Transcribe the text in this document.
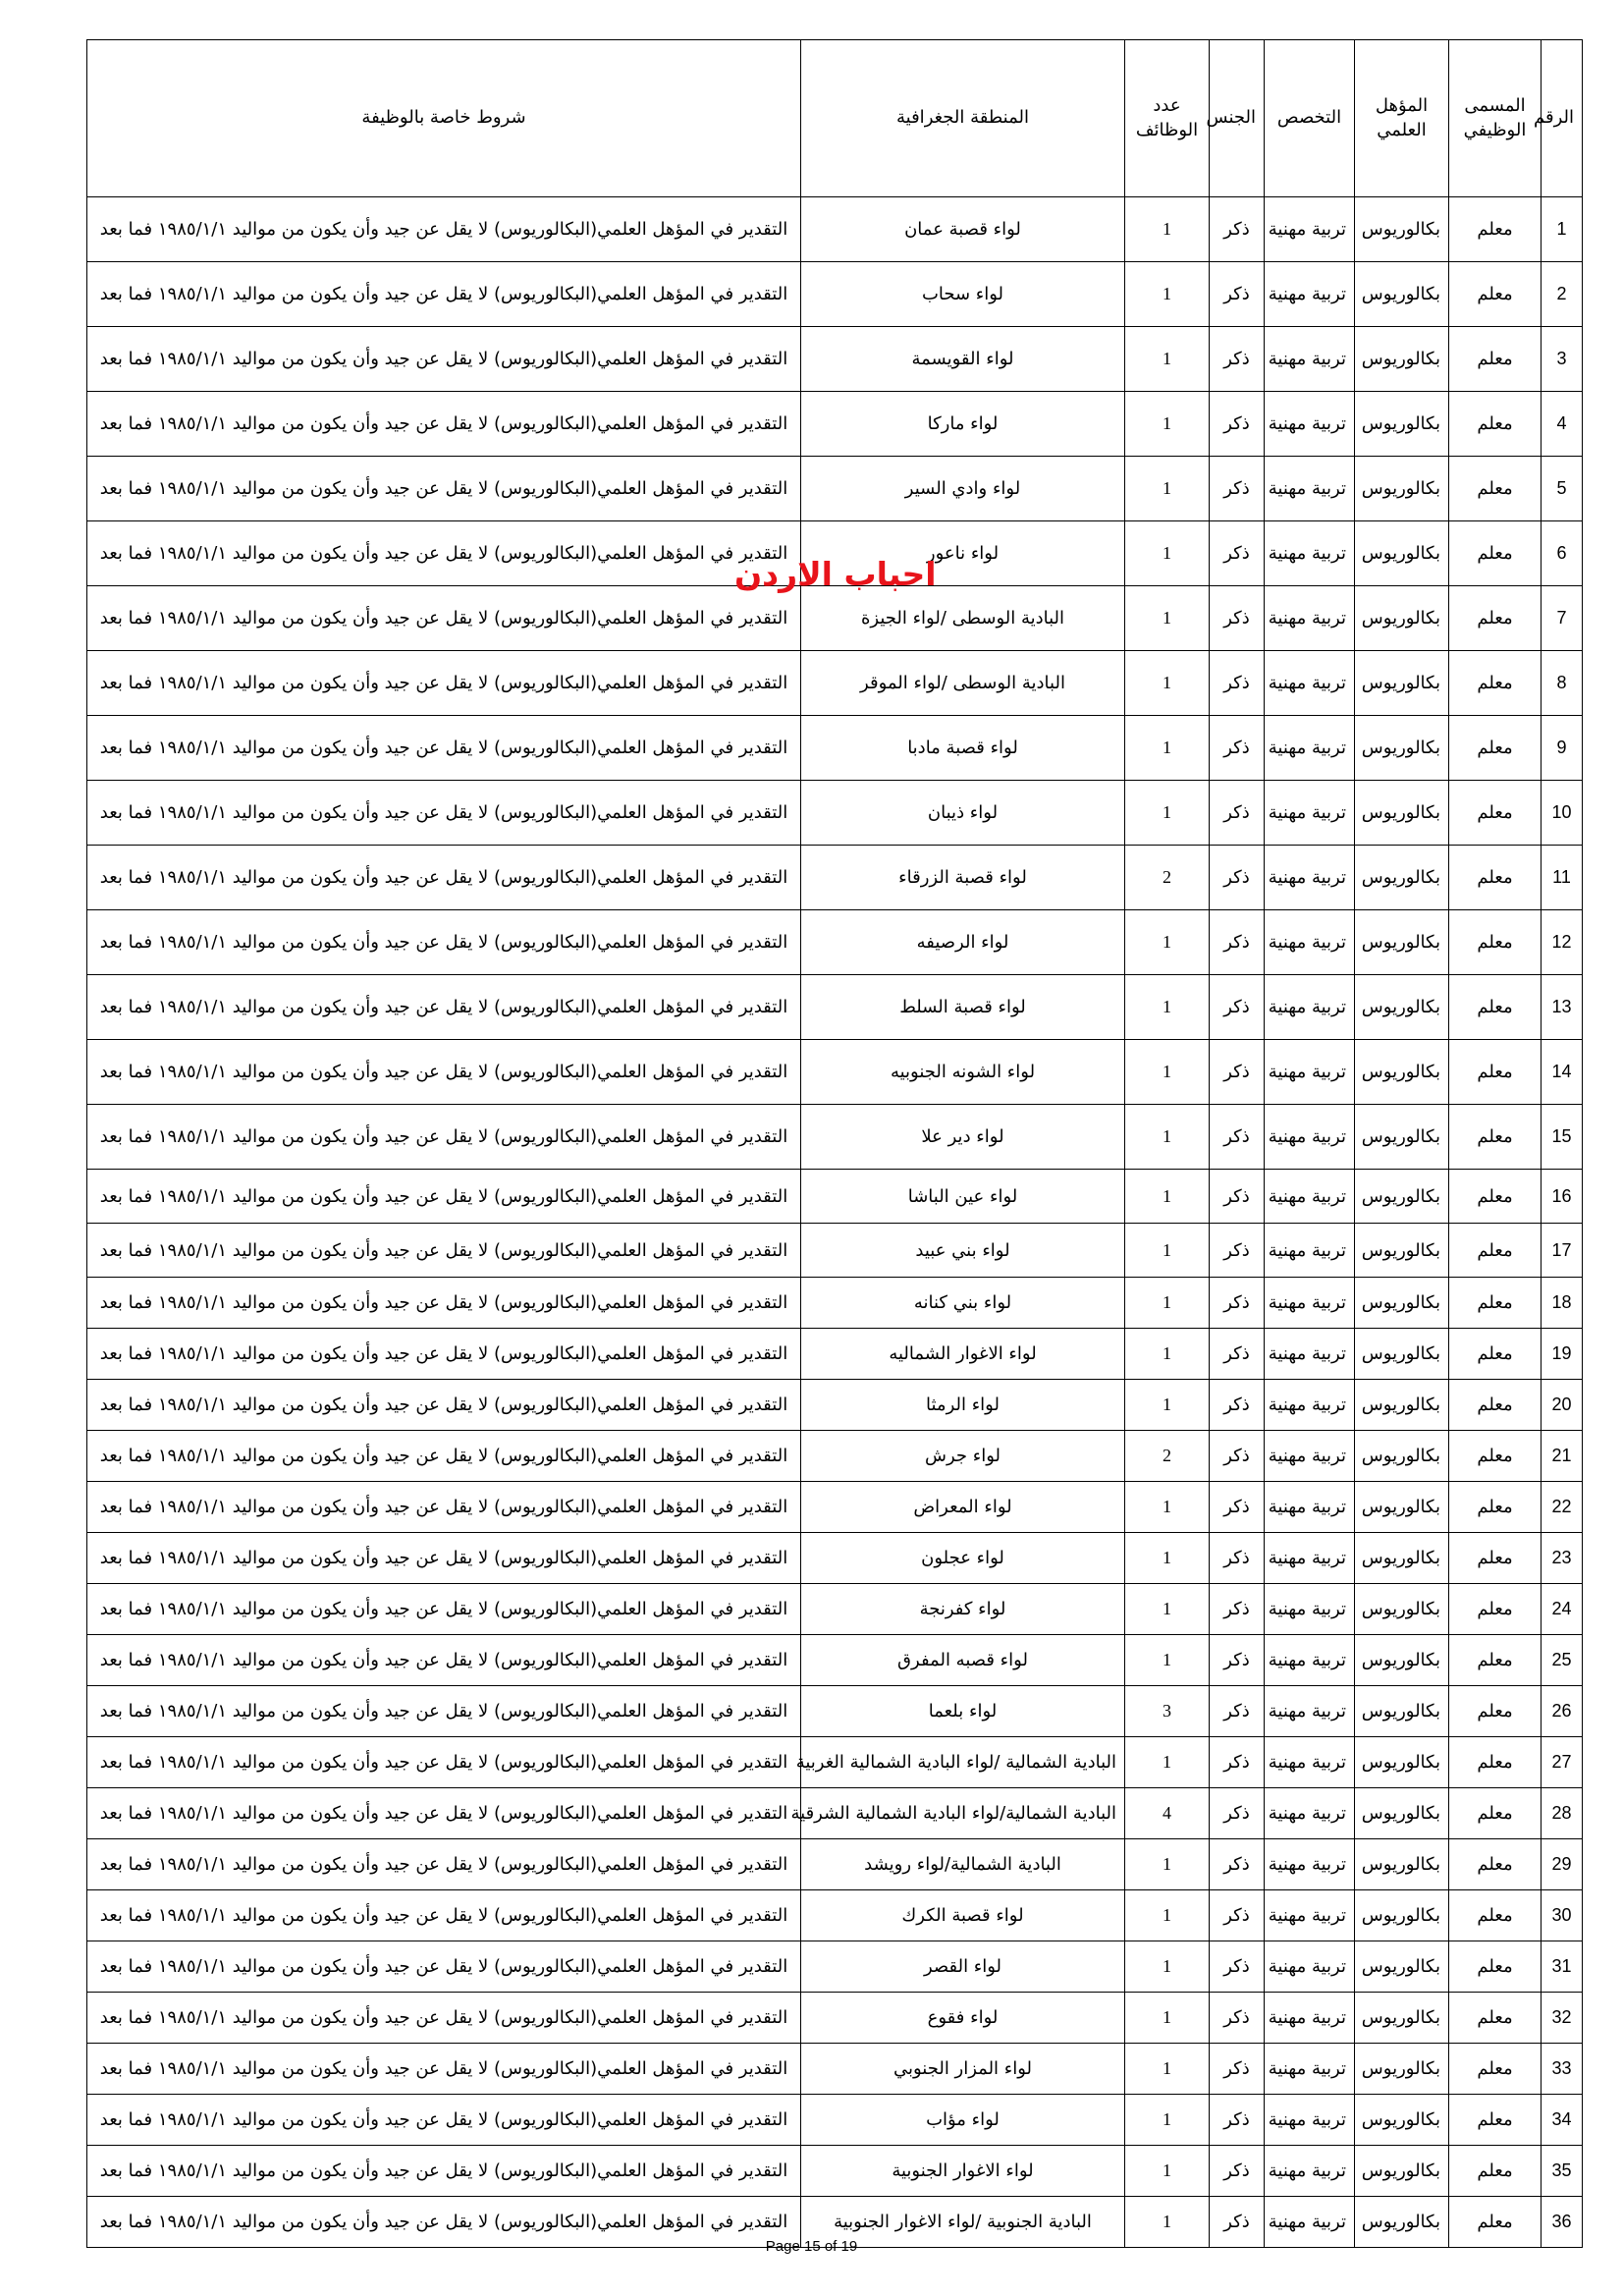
الرقم	المسمى الوظيفي	المؤهل العلمي	التخصص	الجنس	عدد الوظائف	المنطقة الجغرافية	شروط خاصة بالوظيفة
1	معلم	بكالوريوس	تربية مهنية	ذكر	1	لواء قصبة عمان	التقدير في المؤهل العلمي(البكالوريوس) لا يقل عن جيد وأن يكون من مواليد ١٩٨٥/١/١ فما بعد
2	معلم	بكالوريوس	تربية مهنية	ذكر	1	لواء سحاب	التقدير في المؤهل العلمي(البكالوريوس) لا يقل عن جيد وأن يكون من مواليد ١٩٨٥/١/١ فما بعد
3	معلم	بكالوريوس	تربية مهنية	ذكر	1	لواء القويسمة	التقدير في المؤهل العلمي(البكالوريوس) لا يقل عن جيد وأن يكون من مواليد ١٩٨٥/١/١ فما بعد
4	معلم	بكالوريوس	تربية مهنية	ذكر	1	لواء ماركا	التقدير في المؤهل العلمي(البكالوريوس) لا يقل عن جيد وأن يكون من مواليد ١٩٨٥/١/١ فما بعد
5	معلم	بكالوريوس	تربية مهنية	ذكر	1	لواء وادي السير	التقدير في المؤهل العلمي(البكالوريوس) لا يقل عن جيد وأن يكون من مواليد ١٩٨٥/١/١ فما بعد
6	معلم	بكالوريوس	تربية مهنية	ذكر	1	لواء ناعور	التقدير في المؤهل العلمي(البكالوريوس) لا يقل عن جيد وأن يكون من مواليد ١٩٨٥/١/١ فما بعد
7	معلم	بكالوريوس	تربية مهنية	ذكر	1	البادية الوسطى /لواء الجيزة	التقدير في المؤهل العلمي(البكالوريوس) لا يقل عن جيد وأن يكون من مواليد ١٩٨٥/١/١ فما بعد
8	معلم	بكالوريوس	تربية مهنية	ذكر	1	البادية الوسطى /لواء الموقر	التقدير في المؤهل العلمي(البكالوريوس) لا يقل عن جيد وأن يكون من مواليد ١٩٨٥/١/١ فما بعد
9	معلم	بكالوريوس	تربية مهنية	ذكر	1	لواء قصبة مادبا	التقدير في المؤهل العلمي(البكالوريوس) لا يقل عن جيد وأن يكون من مواليد ١٩٨٥/١/١ فما بعد
10	معلم	بكالوريوس	تربية مهنية	ذكر	1	لواء ذيبان	التقدير في المؤهل العلمي(البكالوريوس) لا يقل عن جيد وأن يكون من مواليد ١٩٨٥/١/١ فما بعد
11	معلم	بكالوريوس	تربية مهنية	ذكر	2	لواء قصبة الزرقاء	التقدير في المؤهل العلمي(البكالوريوس) لا يقل عن جيد وأن يكون من مواليد ١٩٨٥/١/١ فما بعد
12	معلم	بكالوريوس	تربية مهنية	ذكر	1	لواء الرصيفه	التقدير في المؤهل العلمي(البكالوريوس) لا يقل عن جيد وأن يكون من مواليد ١٩٨٥/١/١ فما بعد
13	معلم	بكالوريوس	تربية مهنية	ذكر	1	لواء قصبة السلط	التقدير في المؤهل العلمي(البكالوريوس) لا يقل عن جيد وأن يكون من مواليد ١٩٨٥/١/١ فما بعد
14	معلم	بكالوريوس	تربية مهنية	ذكر	1	لواء الشونه الجنوبيه	التقدير في المؤهل العلمي(البكالوريوس) لا يقل عن جيد وأن يكون من مواليد ١٩٨٥/١/١ فما بعد
15	معلم	بكالوريوس	تربية مهنية	ذكر	1	لواء دير علا	التقدير في المؤهل العلمي(البكالوريوس) لا يقل عن جيد وأن يكون من مواليد ١٩٨٥/١/١ فما بعد
16	معلم	بكالوريوس	تربية مهنية	ذكر	1	لواء عين الباشا	التقدير في المؤهل العلمي(البكالوريوس) لا يقل عن جيد وأن يكون من مواليد ١٩٨٥/١/١ فما بعد
17	معلم	بكالوريوس	تربية مهنية	ذكر	1	لواء بني عبيد	التقدير في المؤهل العلمي(البكالوريوس) لا يقل عن جيد وأن يكون من مواليد ١٩٨٥/١/١ فما بعد
18	معلم	بكالوريوس	تربية مهنية	ذكر	1	لواء بني كنانه	التقدير في المؤهل العلمي(البكالوريوس) لا يقل عن جيد وأن يكون من مواليد ١٩٨٥/١/١ فما بعد
19	معلم	بكالوريوس	تربية مهنية	ذكر	1	لواء الاغوار الشماليه	التقدير في المؤهل العلمي(البكالوريوس) لا يقل عن جيد وأن يكون من مواليد ١٩٨٥/١/١ فما بعد
20	معلم	بكالوريوس	تربية مهنية	ذكر	1	لواء الرمثا	التقدير في المؤهل العلمي(البكالوريوس) لا يقل عن جيد وأن يكون من مواليد ١٩٨٥/١/١ فما بعد
21	معلم	بكالوريوس	تربية مهنية	ذكر	2	لواء جرش	التقدير في المؤهل العلمي(البكالوريوس) لا يقل عن جيد وأن يكون من مواليد ١٩٨٥/١/١ فما بعد
22	معلم	بكالوريوس	تربية مهنية	ذكر	1	لواء المعراض	التقدير في المؤهل العلمي(البكالوريوس) لا يقل عن جيد وأن يكون من مواليد ١٩٨٥/١/١ فما بعد
23	معلم	بكالوريوس	تربية مهنية	ذكر	1	لواء عجلون	التقدير في المؤهل العلمي(البكالوريوس) لا يقل عن جيد وأن يكون من مواليد ١٩٨٥/١/١ فما بعد
24	معلم	بكالوريوس	تربية مهنية	ذكر	1	لواء كفرنجة	التقدير في المؤهل العلمي(البكالوريوس) لا يقل عن جيد وأن يكون من مواليد ١٩٨٥/١/١ فما بعد
25	معلم	بكالوريوس	تربية مهنية	ذكر	1	لواء قصبه المفرق	التقدير في المؤهل العلمي(البكالوريوس) لا يقل عن جيد وأن يكون من مواليد ١٩٨٥/١/١ فما بعد
26	معلم	بكالوريوس	تربية مهنية	ذكر	3	لواء بلعما	التقدير في المؤهل العلمي(البكالوريوس) لا يقل عن جيد وأن يكون من مواليد ١٩٨٥/١/١ فما بعد
27	معلم	بكالوريوس	تربية مهنية	ذكر	1	البادية الشمالية /لواء البادية الشمالية الغربية	التقدير في المؤهل العلمي(البكالوريوس) لا يقل عن جيد وأن يكون من مواليد ١٩٨٥/١/١ فما بعد
28	معلم	بكالوريوس	تربية مهنية	ذكر	4	البادية الشمالية/لواء البادية الشمالية الشرقية	التقدير في المؤهل العلمي(البكالوريوس) لا يقل عن جيد وأن يكون من مواليد ١٩٨٥/١/١ فما بعد
29	معلم	بكالوريوس	تربية مهنية	ذكر	1	البادية الشمالية/لواء رويشد	التقدير في المؤهل العلمي(البكالوريوس) لا يقل عن جيد وأن يكون من مواليد ١٩٨٥/١/١ فما بعد
30	معلم	بكالوريوس	تربية مهنية	ذكر	1	لواء قصبة الكرك	التقدير في المؤهل العلمي(البكالوريوس) لا يقل عن جيد وأن يكون من مواليد ١٩٨٥/١/١ فما بعد
31	معلم	بكالوريوس	تربية مهنية	ذكر	1	لواء القصر	التقدير في المؤهل العلمي(البكالوريوس) لا يقل عن جيد وأن يكون من مواليد ١٩٨٥/١/١ فما بعد
32	معلم	بكالوريوس	تربية مهنية	ذكر	1	لواء فقوع	التقدير في المؤهل العلمي(البكالوريوس) لا يقل عن جيد وأن يكون من مواليد ١٩٨٥/١/١ فما بعد
33	معلم	بكالوريوس	تربية مهنية	ذكر	1	لواء المزار الجنوبي	التقدير في المؤهل العلمي(البكالوريوس) لا يقل عن جيد وأن يكون من مواليد ١٩٨٥/١/١ فما بعد
34	معلم	بكالوريوس	تربية مهنية	ذكر	1	لواء مؤاب	التقدير في المؤهل العلمي(البكالوريوس) لا يقل عن جيد وأن يكون من مواليد ١٩٨٥/١/١ فما بعد
35	معلم	بكالوريوس	تربية مهنية	ذكر	1	لواء الاغوار الجنوبية	التقدير في المؤهل العلمي(البكالوريوس) لا يقل عن جيد وأن يكون من مواليد ١٩٨٥/١/١ فما بعد
36	معلم	بكالوريوس	تربية مهنية	ذكر	1	البادية الجنوبية /لواء الاغوار الجنوبية	التقدير في المؤهل العلمي(البكالوريوس) لا يقل عن جيد وأن يكون من مواليد ١٩٨٥/١/١ فما بعد
احباب الاردن
Page 15 of 19
